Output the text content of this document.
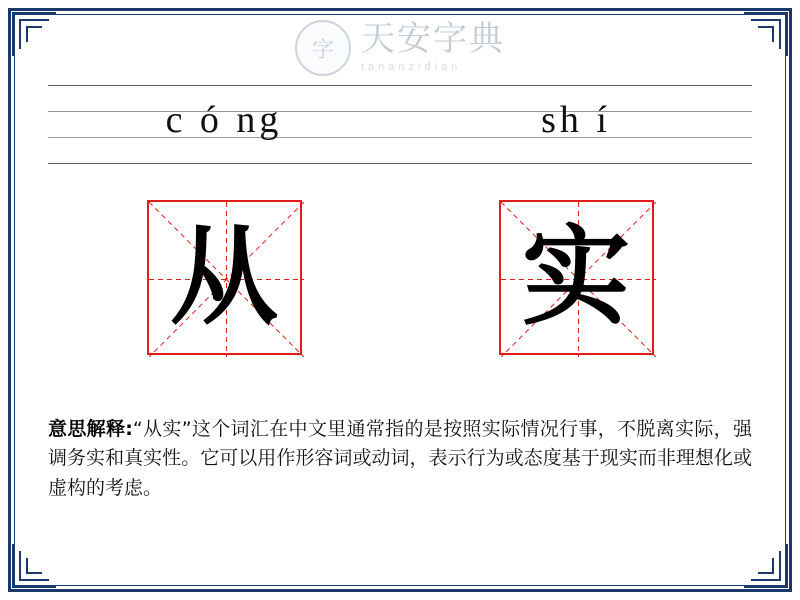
字 天安字典
tananzidian
c ó ng	sh í
从 实
意思解释:“从实”这个词汇在中文里通常指的是按照实际情况行事，不脱离实际，强调务实和真实性。它可以用作形容词或动词，表示行为或态度基于现实而非理想化或虚构的考虑。
